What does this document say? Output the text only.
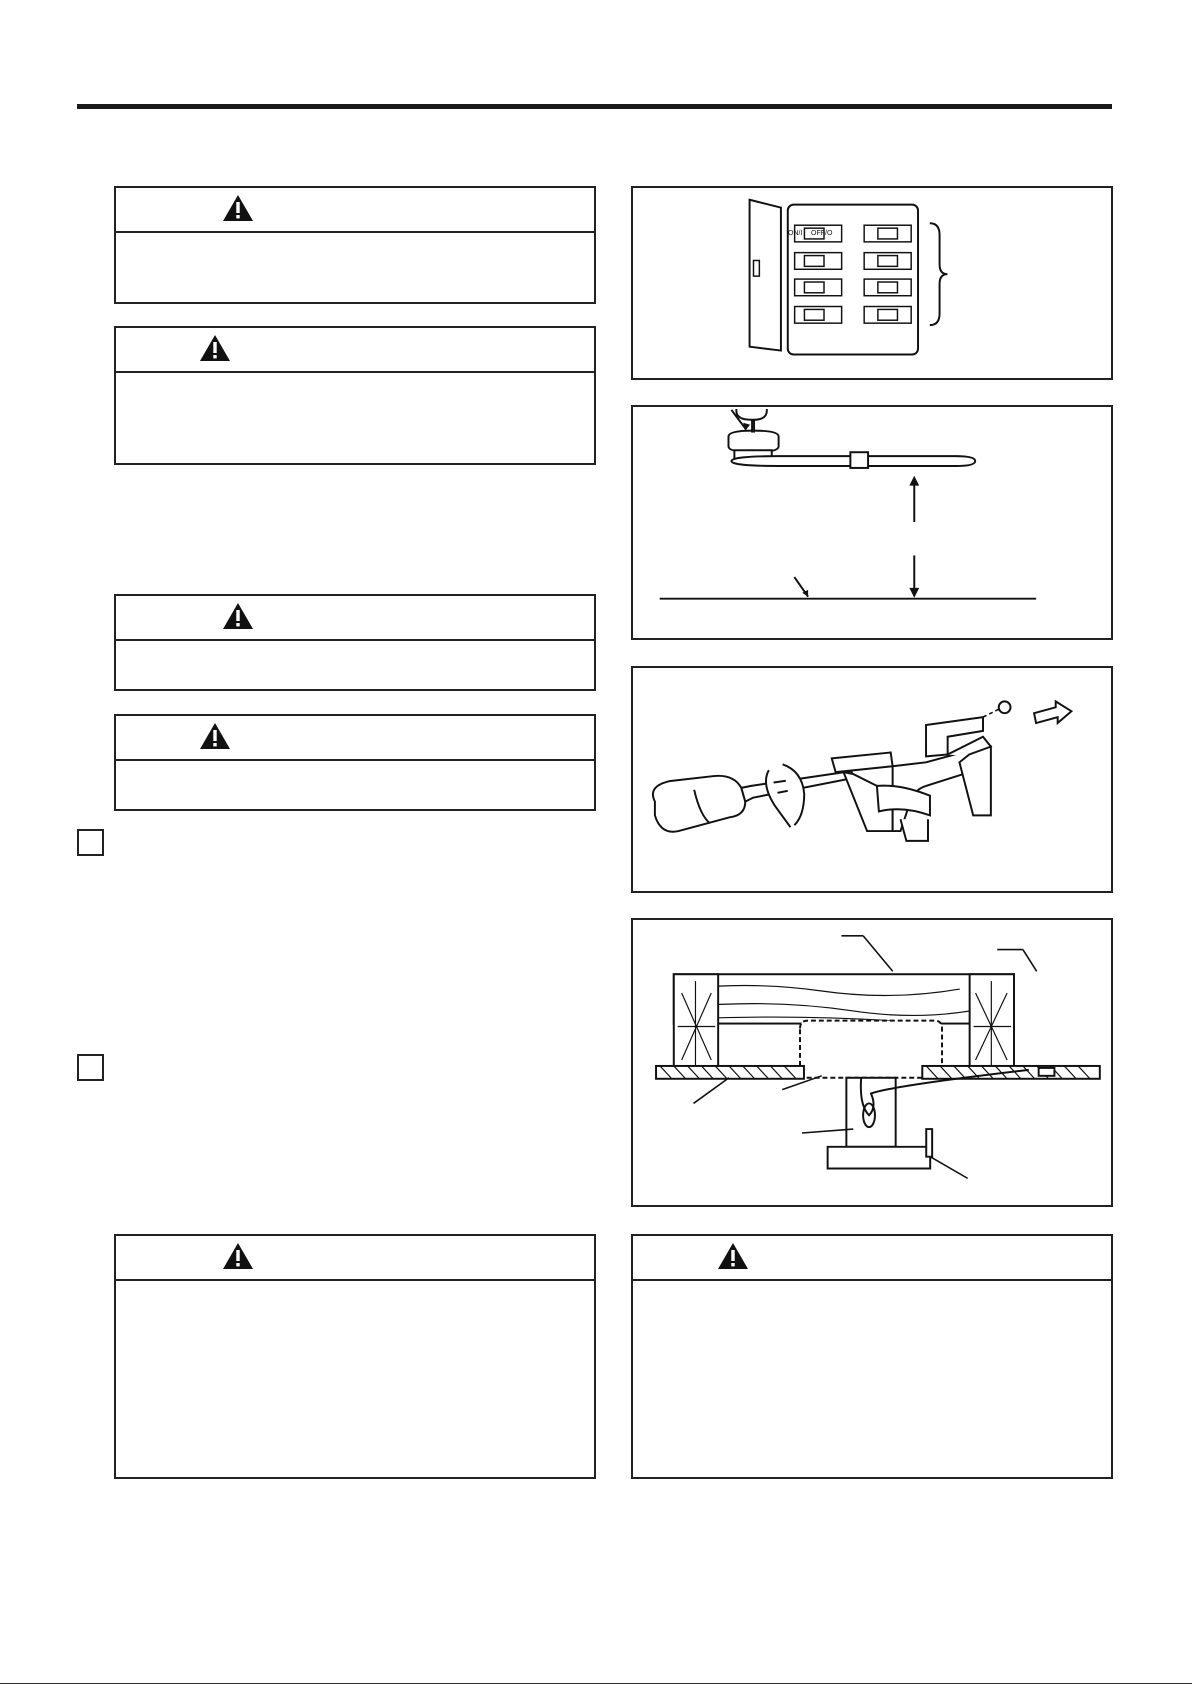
ON/I OFF/O
